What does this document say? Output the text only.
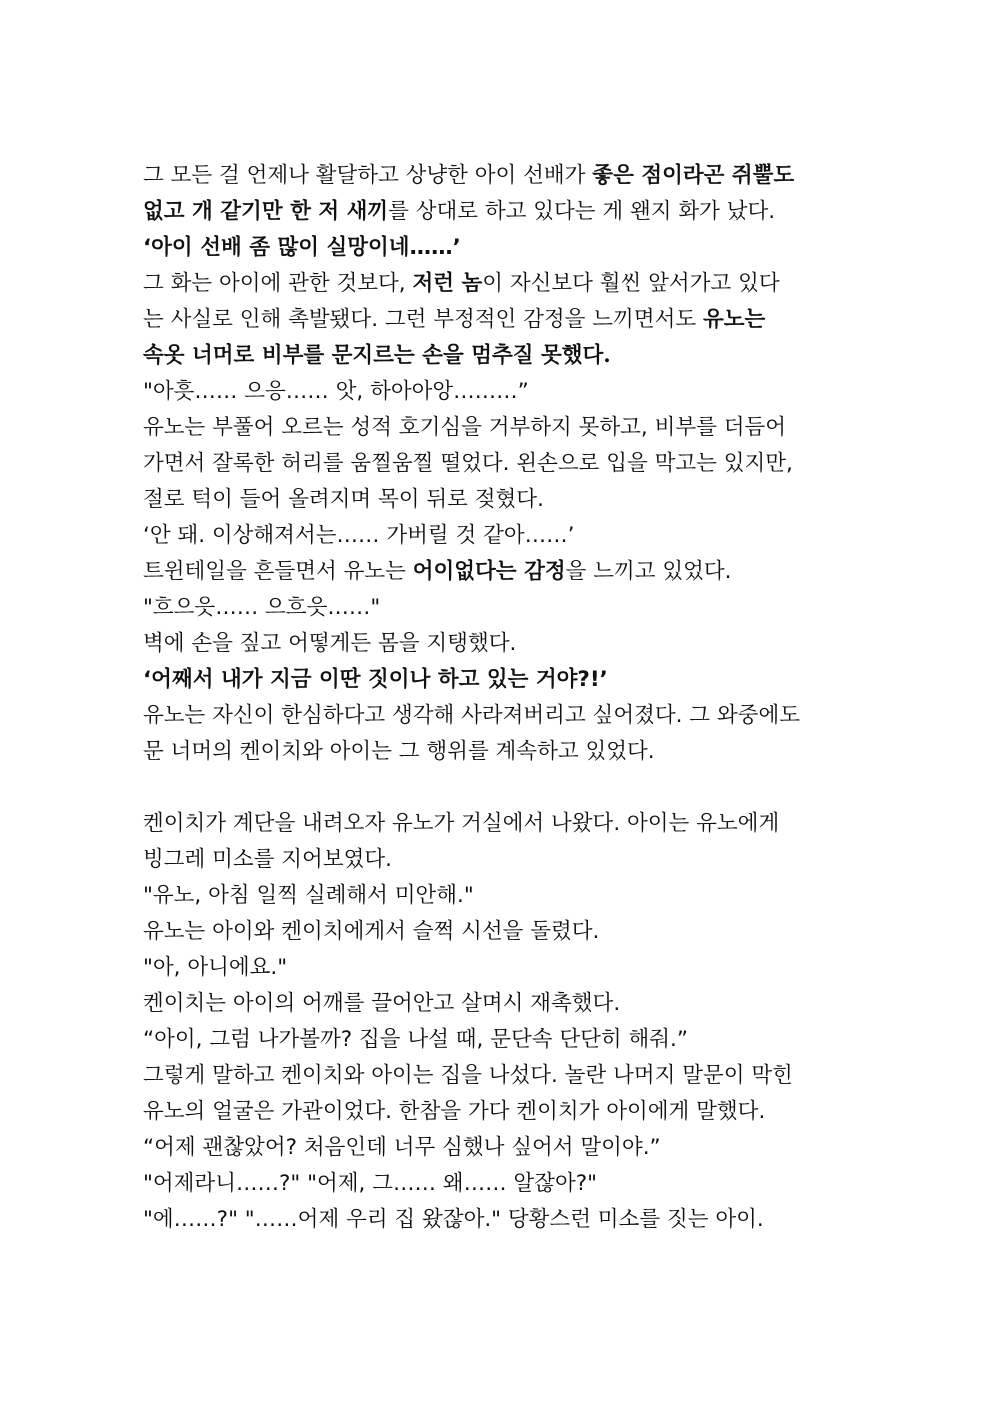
그 모든 걸 언제나 활달하고 상냥한 아이 선배가 좋은 점이라곤 쥐뿔도
없고 개 같기만 한 저 새끼를 상대로 하고 있다는 게 왠지 화가 났다.
‘아이 선배 좀 많이 실망이네……’
그 화는 아이에 관한 것보다, 저런 놈이 자신보다 훨씬 앞서가고 있다
는 사실로 인해 촉발됐다. 그런 부정적인 감정을 느끼면서도 유노는
속옷 너머로 비부를 문지르는 손을 멈추질 못했다.
"아흣…… 으응…… 앗, 하아아앙………”
유노는 부풀어 오르는 성적 호기심을 거부하지 못하고, 비부를 더듬어
가면서 잘록한 허리를 움찔움찔 떨었다. 왼손으로 입을 막고는 있지만,
절로 턱이 들어 올려지며 목이 뒤로 젖혔다.
‘안 돼. 이상해져서는…… 가버릴 것 같아……’
트윈테일을 흔들면서 유노는 어이없다는 감정을 느끼고 있었다.
"흐으읏…… 으흐읏……"
벽에 손을 짚고 어떻게든 몸을 지탱했다.
‘어째서 내가 지금 이딴 짓이나 하고 있는 거야?!’
유노는 자신이 한심하다고 생각해 사라져버리고 싶어졌다. 그 와중에도
문 너머의 켄이치와 아이는 그 행위를 계속하고 있었다.
켄이치가 계단을 내려오자 유노가 거실에서 나왔다. 아이는 유노에게
빙그레 미소를 지어보였다.
"유노, 아침 일찍 실례해서 미안해."
유노는 아이와 켄이치에게서 슬쩍 시선을 돌렸다.
"아, 아니에요."
켄이치는 아이의 어깨를 끌어안고 살며시 재촉했다.
“아이, 그럼 나가볼까? 집을 나설 때, 문단속 단단히 해줘.”
그렇게 말하고 켄이치와 아이는 집을 나섰다. 놀란 나머지 말문이 막힌
유노의 얼굴은 가관이었다. 한참을 가다 켄이치가 아이에게 말했다.
“어제 괜찮았어? 처음인데 너무 심했나 싶어서 말이야.”
"어제라니……?" "어제, 그…… 왜…… 알잖아?"
"에……?" "……어제 우리 집 왔잖아." 당황스런 미소를 짓는 아이.
